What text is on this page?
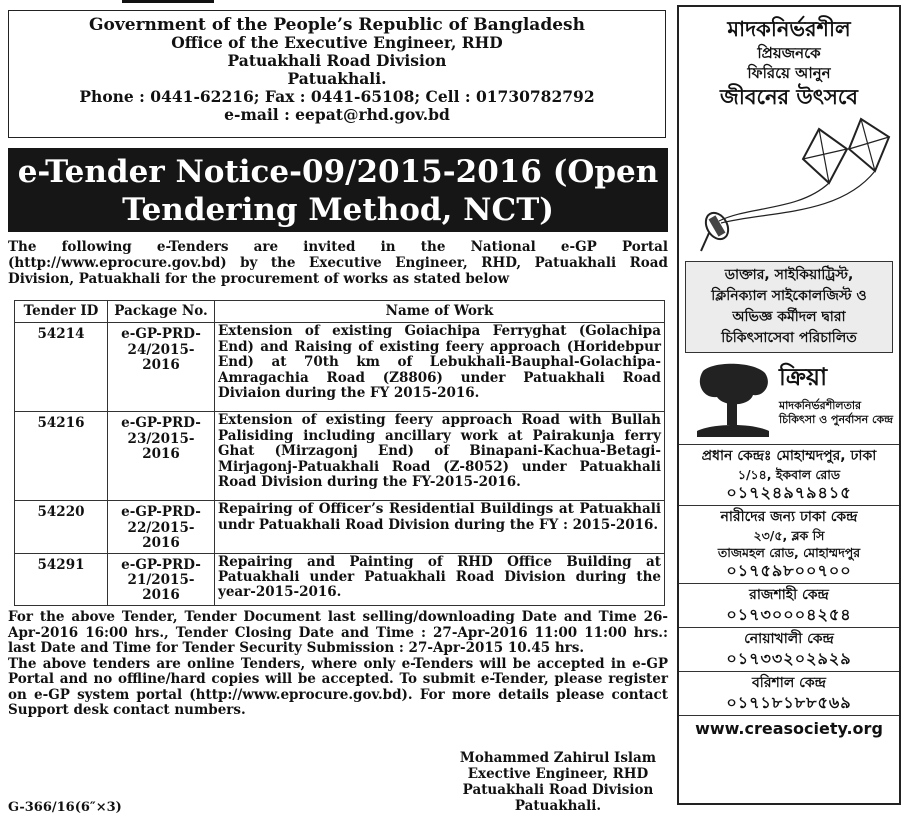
Government of the People’s Republic of Bangladesh

Office of the Executive Engineer, RHD

Patuakhali Road Division

Patuakhali.

Phone : 0441-62216; Fax : 0441-65108; Cell : 01730782792

e-mail : eepat@rhd.gov.bd

e-Tender Notice-09/2015-2016 (Open
Tendering Method, NCT)
The following e-Tenders are invited in the National e-GP Portal (http://www.eprocure.gov.bd) by the Executive Engineer, RHD, Patuakhali Road Division, Patuakhali for the procurement of works as stated below
Tender ID	Package No.	Name of Work
54214	e-GP-PRD-24/2015-2016	Extension of existing Goiachipa Ferryghat (Golachipa End) and Raising of existing feery approach (Horidebpur End) at 70th km of Lebukhali-Bauphal-Golachipa-Amragachia Road (Z8806) under Patuakhali Road Diviaion during the FY 2015-2016.
54216	e-GP-PRD-23/2015-2016	Extension of existing feery approach Road with Bullah Palisiding including ancillary work at Pairakunja ferry Ghat (Mirzagonj End) of Binapani-Kachua-Betagi-Mirjagonj-Patuakhali Road (Z-8052) under Patuakhali Road Division during the FY-2015-2016.
54220	e-GP-PRD-22/2015-2016	Repairing of Officer’s Residential Buildings at Patuakhali undr Patuakhali Road Division during the FY : 2015-2016.
54291	e-GP-PRD-21/2015-2016	Repairing and Painting of RHD Office Building at Patuakhali under Patuakhali Road Division during the year-2015-2016.
For the above Tender, Tender Document last selling/downloading Date and Time 26-Apr-2016 16:00 hrs., Tender Closing Date and Time : 27-Apr-2016 11:00 11:00 hrs.: last Date and Time for Tender Security Submission : 27-Apr-2015 10.45 hrs.
The above tenders are online Tenders, where only e-Tenders will be accepted in e-GP Portal and no offline/hard copies will be accepted. To submit e-Tender, please register on e-GP system portal (http://www.eprocure.gov.bd). For more details please contact Support desk contact numbers.
Mohammed Zahirul Islam
Exective Engineer, RHD
Patuakhali Road Division
Patuakhali.
G-366/16(6″×3)
মাদকনির্ভরশীল
প্রিয়জনকে
ফিরিয়ে আনুন
জীবনের উৎসবে
ডাক্তার, সাইকিয়াট্রিস্ট,
ক্লিনিক্যাল সাইকোলজিস্ট ও
অভিজ্ঞ কর্মীদল দ্বারা
চিকিৎসাসেবা পরিচালিত
ক্রিয়া
মাদকনির্ভরশীলতার
চিকিৎসা ও পুনর্বাসন কেন্দ্র
প্রধান কেন্দ্রঃ মোহাম্মদপুর, ঢাকা
১/১৪, ইকবাল রোড
০১৭২৪৯৭৯৪১৫
নারীদের জন্য ঢাকা কেন্দ্র
২৩/৫, ব্লক সি
তাজমহল রোড, মোহাম্মদপুর
০১৭৫৯৮০০৭০০
রাজশাহী কেন্দ্র
০১৭৩০০০৪২৫৪
নোয়াখালী কেন্দ্র
০১৭৩৩২০২৯২৯
বরিশাল কেন্দ্র
০১৭১৮১৮৮৫৬৯
www.creasociety.org
